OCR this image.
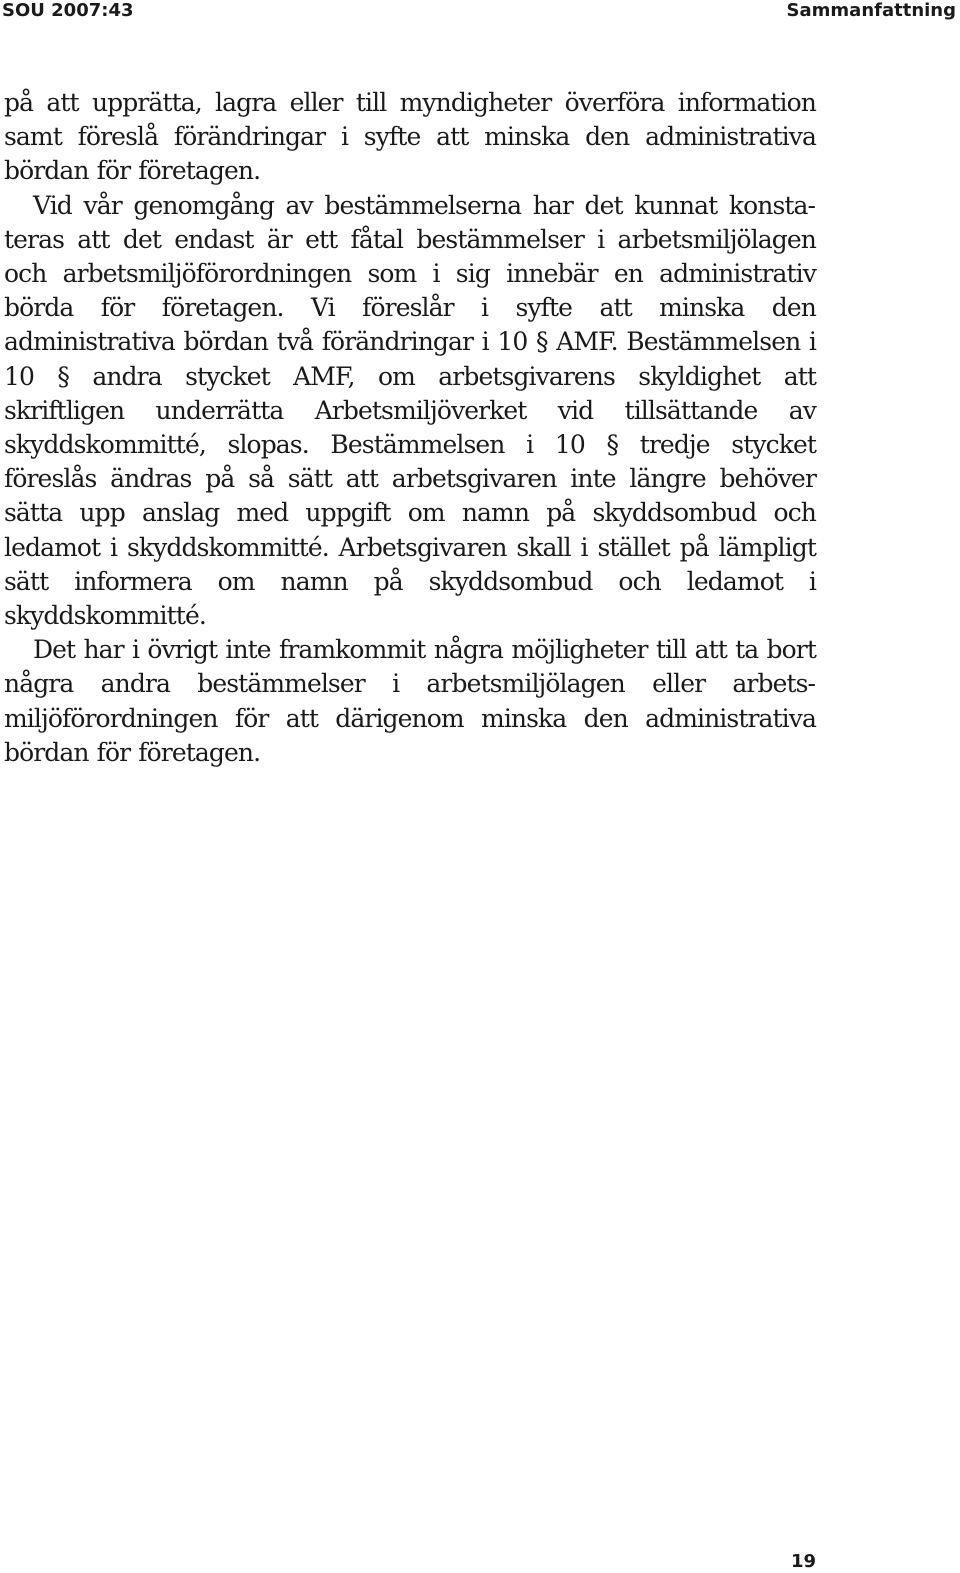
SOU 2007:43	Sammanfattning

på att upprätta, lagra eller till myndigheter överföra information samt föreslå förändringar i syfte att minska den administrativa bördan för företagen.

Vid vår genomgång av bestämmelserna har det kunnat konstateras att det endast är ett fåtal bestämmelser i arbetsmiljölagen och arbetsmiljöförordningen som i sig innebär en administrativ börda för företagen. Vi föreslår i syfte att minska den administrativa bördan två förändringar i 10 § AMF. Bestämmelsen i 10 § andra stycket AMF, om arbetsgivarens skyldighet att skriftligen underrätta Arbetsmiljöverket vid tillsättande av skyddskommitté, slopas. Bestämmelsen i 10 § tredje stycket föreslås ändras på så sätt att arbetsgivaren inte längre behöver sätta upp anslag med uppgift om namn på skyddsombud och ledamot i skyddskommitté. Arbetsgivaren skall i stället på lämpligt sätt informera om namn på skyddsombud och ledamot i skyddskommitté.

Det har i övrigt inte framkommit några möjligheter till att ta bort några andra bestämmelser i arbetsmiljölagen eller arbetsmiljöförordningen för att därigenom minska den administrativa bördan för företagen.

19
